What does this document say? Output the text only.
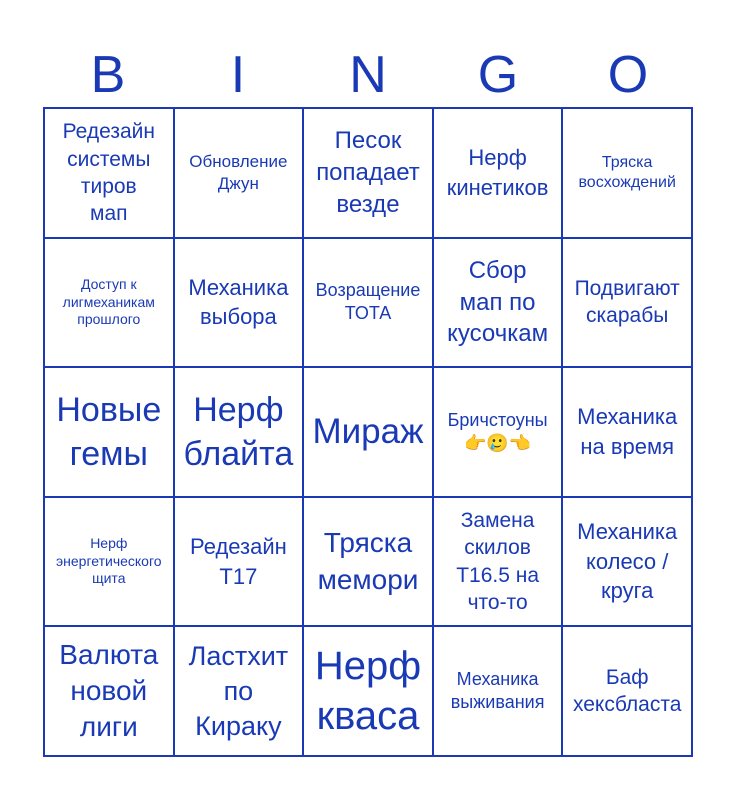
B	I	N	G	O
Редезайн
системы
тиров
мап
Обновление
Джун
Песок
попадает
везде
Нерф
кинетиков
Тряска
восхождений
Доступ к
лигмеханикам
прошлого
Механика
выбора
Возращение
ТОТА
Сбор
мап по
кусочкам
Подвигают
скарабы
Новые
гемы
Нерф
блайта
Мираж Бричстоуны
👉🥲👈
Механика
на время
Нерф
энергетического
щита
Редезайн
Т17
Тряска
мемори
Замена
скилов
Т16.5 на
что-то
Механика
колесо /
круга
Валюта
новой
лиги
Ластхит
по
Кираку
Нерф
кваса
Механика
выживания
Баф
хексбласта
